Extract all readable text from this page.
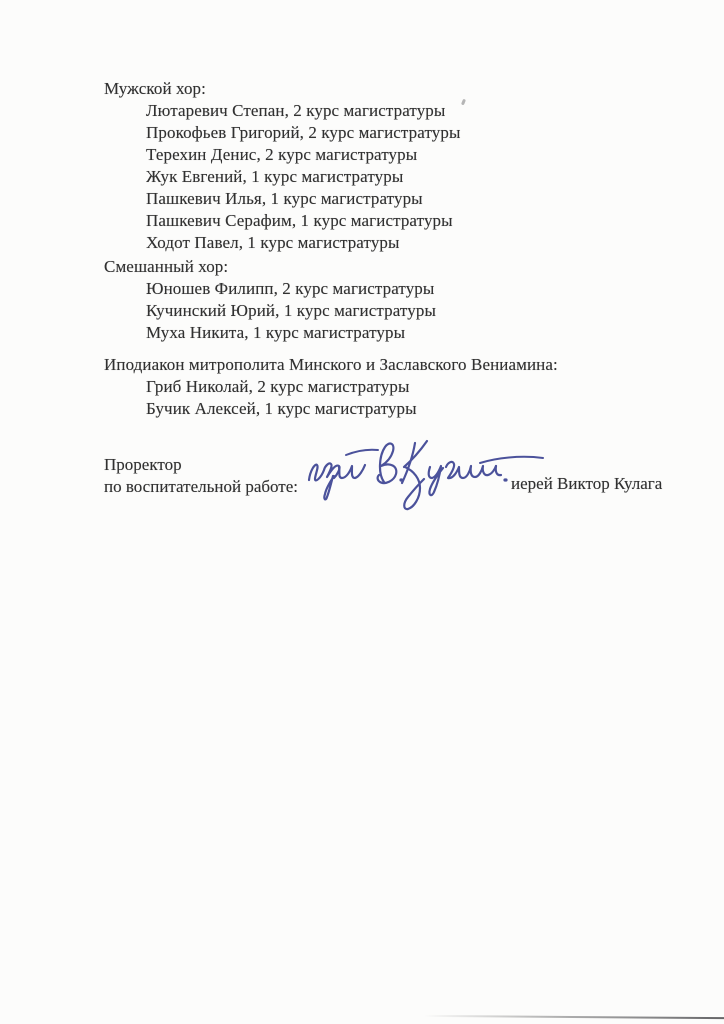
Мужской хор:
Лютаревич Степан, 2 курс магистратуры
Прокофьев Григорий, 2 курс магистратуры
Терехин Денис, 2 курс магистратуры
Жук Евгений, 1 курс магистратуры
Пашкевич Илья, 1 курс магистратуры
Пашкевич Серафим, 1 курс магистратуры
Ходот Павел, 1 курс магистратуры
Смешанный хор:
Юношев Филипп, 2 курс магистратуры
Кучинский Юрий, 1 курс магистратуры
Муха Никита, 1 курс магистратуры
Иподиакон митрополита Минского и Заславского Вениамина:
Гриб Николай, 2 курс магистратуры
Бучик Алексей, 1 курс магистратуры
Проректор
по воспитательной работе:	иерей Виктор Кулага
